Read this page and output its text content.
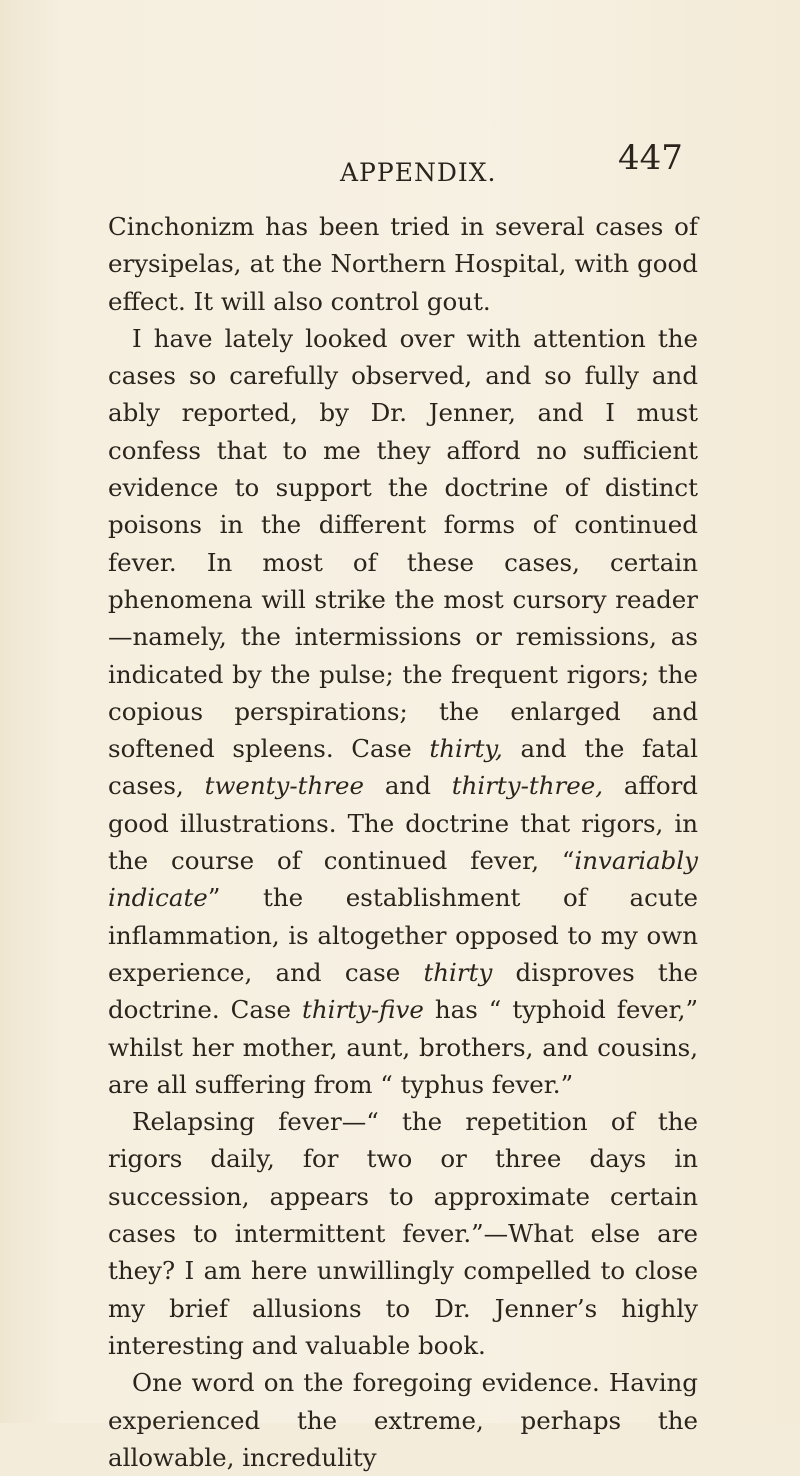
APPENDIX.	447

Cinchonizm has been tried in several cases of erysipelas, at the Northern Hospital, with good effect. It will also control gout.

I have lately looked over with attention the cases so carefully observed, and so fully and ably reported, by Dr. Jenner, and I must confess that to me they afford no sufficient evidence to support the doctrine of distinct poisons in the different forms of continued fever. In most of these cases, certain phenomena will strike the most cursory reader—namely, the intermissions or remissions, as indicated by the pulse; the frequent rigors; the copious perspirations; the enlarged and softened spleens. Case thirty, and the fatal cases, twenty-three and thirty-three, afford good illustrations. The doctrine that rigors, in the course of continued fever, “invariably indicate” the establishment of acute inflammation, is altogether opposed to my own experience, and case thirty disproves the doctrine. Case thirty-five has “ typhoid fever,” whilst her mother, aunt, brothers, and cousins, are all suffering from “ typhus fever.”

Relapsing fever—“ the repetition of the rigors daily, for two or three days in succession, appears to approximate certain cases to intermittent fever.”—What else are they? I am here unwillingly compelled to close my brief allusions to Dr. Jenner’s highly interesting and valuable book.

One word on the foregoing evidence. Having experienced the extreme, perhaps the allowable, incredulity
